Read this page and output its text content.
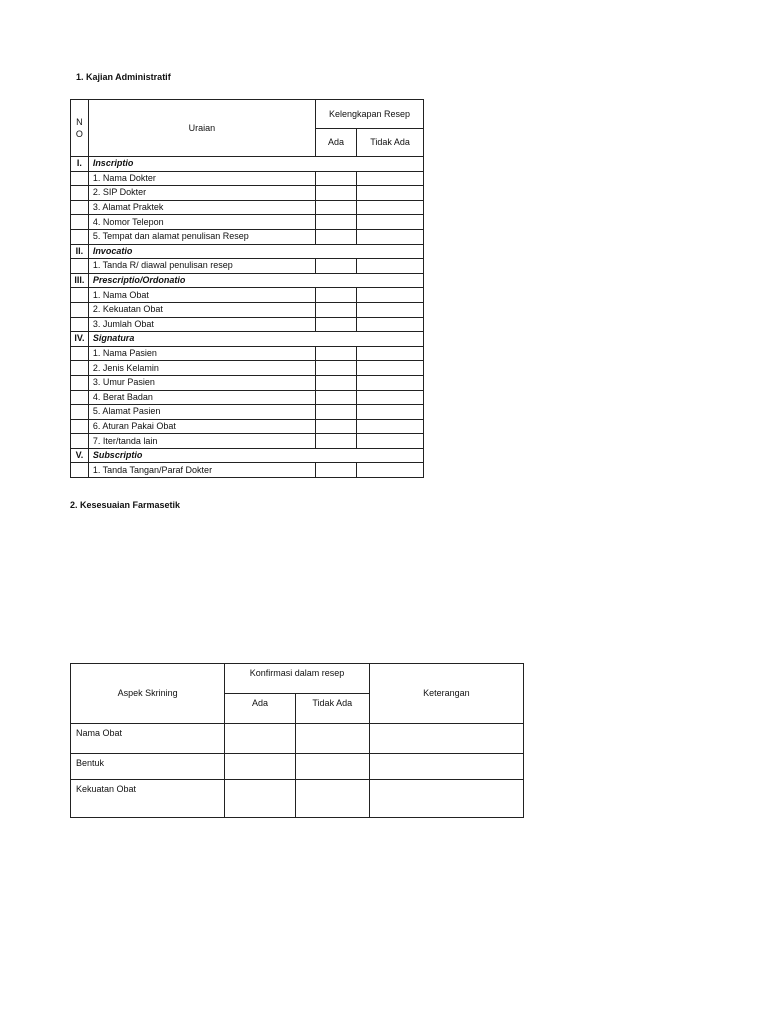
1. Kajian Administratif
N O	Uraian	Kelengkapan Resep	
		Ada	Tidak Ada
I.	Inscriptio		
	1. Nama Dokter		
	2. SIP Dokter		
	3. Alamat Praktek		
	4. Nomor Telepon		
	5. Tempat dan alamat penulisan Resep		
II.	Invocatio		
	1. Tanda R/ diawal penulisan resep		
III.	Prescriptio/Ordonatio		
	1. Nama Obat		
	2. Kekuatan Obat		
	3. Jumlah Obat		
IV.	Signatura		
	1. Nama Pasien		
	2. Jenis Kelamin		
	3. Umur Pasien		
	4. Berat Badan		
	5. Alamat Pasien		
	6. Aturan Pakai Obat		
	7. Iter/tanda lain		
V.	Subscriptio		
	1. Tanda Tangan/Paraf Dokter		
2. Kesesuaian Farmasetik
Aspek Skrining	Konfirmasi dalam resep		Keterangan
	Ada	Tidak Ada	
Nama Obat			
Bentuk			
Kekuatan Obat			
